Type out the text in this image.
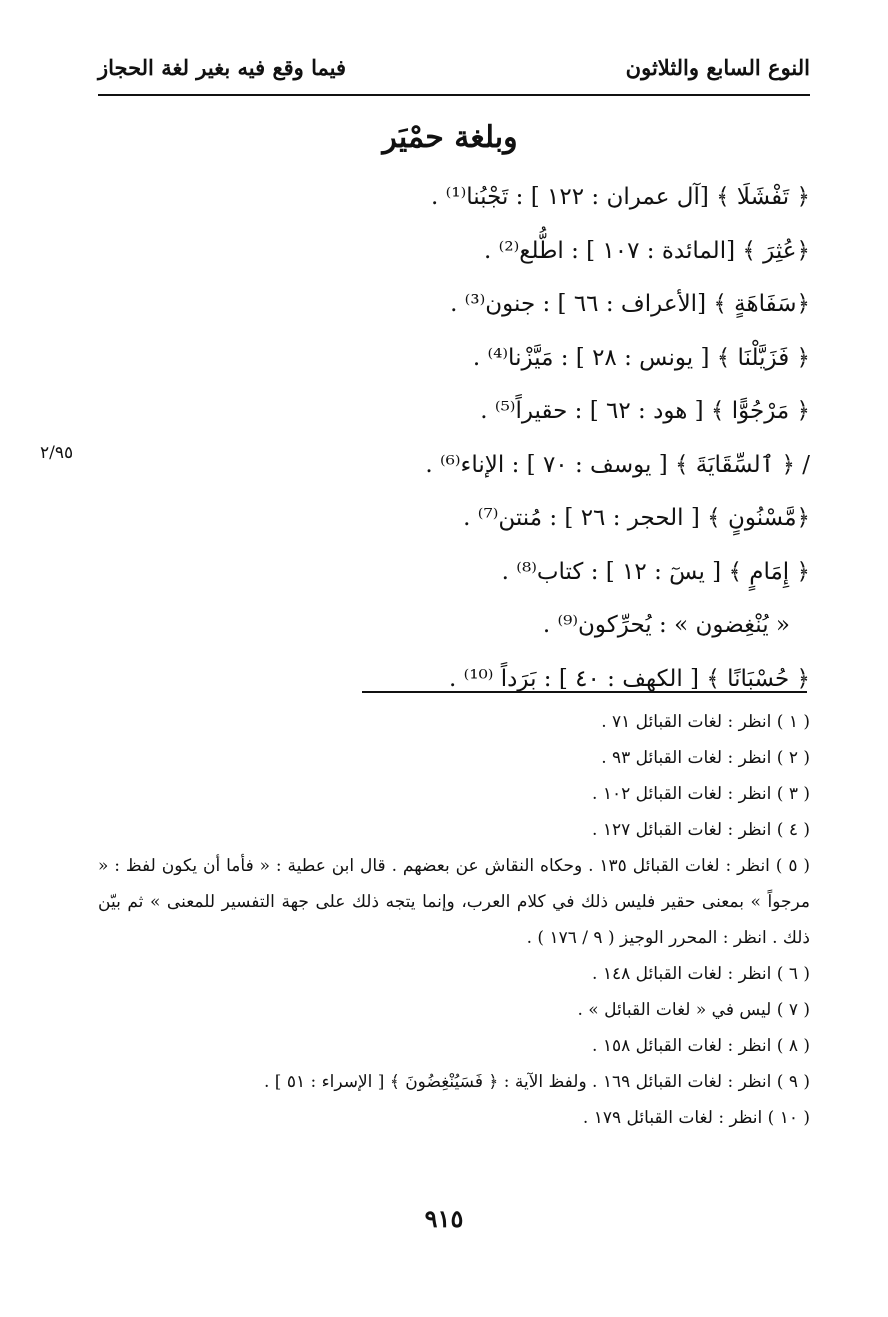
النوع السابع والثلاثون
فيما وقع فيه بغير لغة الحجاز
وبلغة حمْيَر
﴿ تَفْشَلَا ﴾ [آل عمران : ١٢٢ ] : تَجْبُنا⁽¹⁾ .
﴿عُثِرَ ﴾ [المائدة : ١٠٧ ] : اطُّلع⁽²⁾ .
﴿سَفَاهَةٍ ﴾ [الأعراف : ٦٦ ] : جنون⁽³⁾ .
﴿ فَزَيَّلْنَا ﴾ [ يونس : ٢٨ ] : مَيَّزْنا⁽⁴⁾ .
﴿ مَرْجُوًّا ﴾ [ هود : ٦٢ ] : حقيراً⁽⁵⁾ .
/ ﴿ ٱلسِّقَايَةَ ﴾ [ يوسف : ٧٠ ] : الإناء⁽⁶⁾ .
﴿مَّسْنُونٍ ﴾ [ الحجر : ٢٦ ] : مُنتن⁽⁷⁾ .
﴿ إِمَامٍ ﴾ [ يسٓ : ١٢ ] : كتاب⁽⁸⁾ .
« يُنْغِضون » : يُحرِّكون⁽⁹⁾ .
﴿ حُسْبَانًا ﴾ [ الكهف : ٤٠ ] : بَرَداً ⁽¹⁰⁾ .
٢/٩٥
( ١ ) انظر : لغات القبائل ٧١ .
( ٢ ) انظر : لغات القبائل ٩٣ .
( ٣ ) انظر : لغات القبائل ١٠٢ .
( ٤ ) انظر : لغات القبائل ١٢٧ .
( ٥ ) انظر : لغات القبائل ١٣٥ . وحكاه النقاش عن بعضهم . قال ابن عطية : « فأما أن يكون لفظ : « مرجواً » بمعنى حقير فليس ذلك في كلام العرب، وإنما يتجه ذلك على جهة التفسير للمعنى » ثم بيّن ذلك . انظر : المحرر الوجيز ( ٩ / ١٧٦ ) .
( ٦ ) انظر : لغات القبائل ١٤٨ .
( ٧ ) ليس في « لغات القبائل » .
( ٨ ) انظر : لغات القبائل ١٥٨ .
( ٩ ) انظر : لغات القبائل ١٦٩ . ولفظ الآية : ﴿ فَسَيُنْغِضُونَ ﴾ [ الإسراء : ٥١ ] .
( ١٠ ) انظر : لغات القبائل ١٧٩ .
٩١٥
